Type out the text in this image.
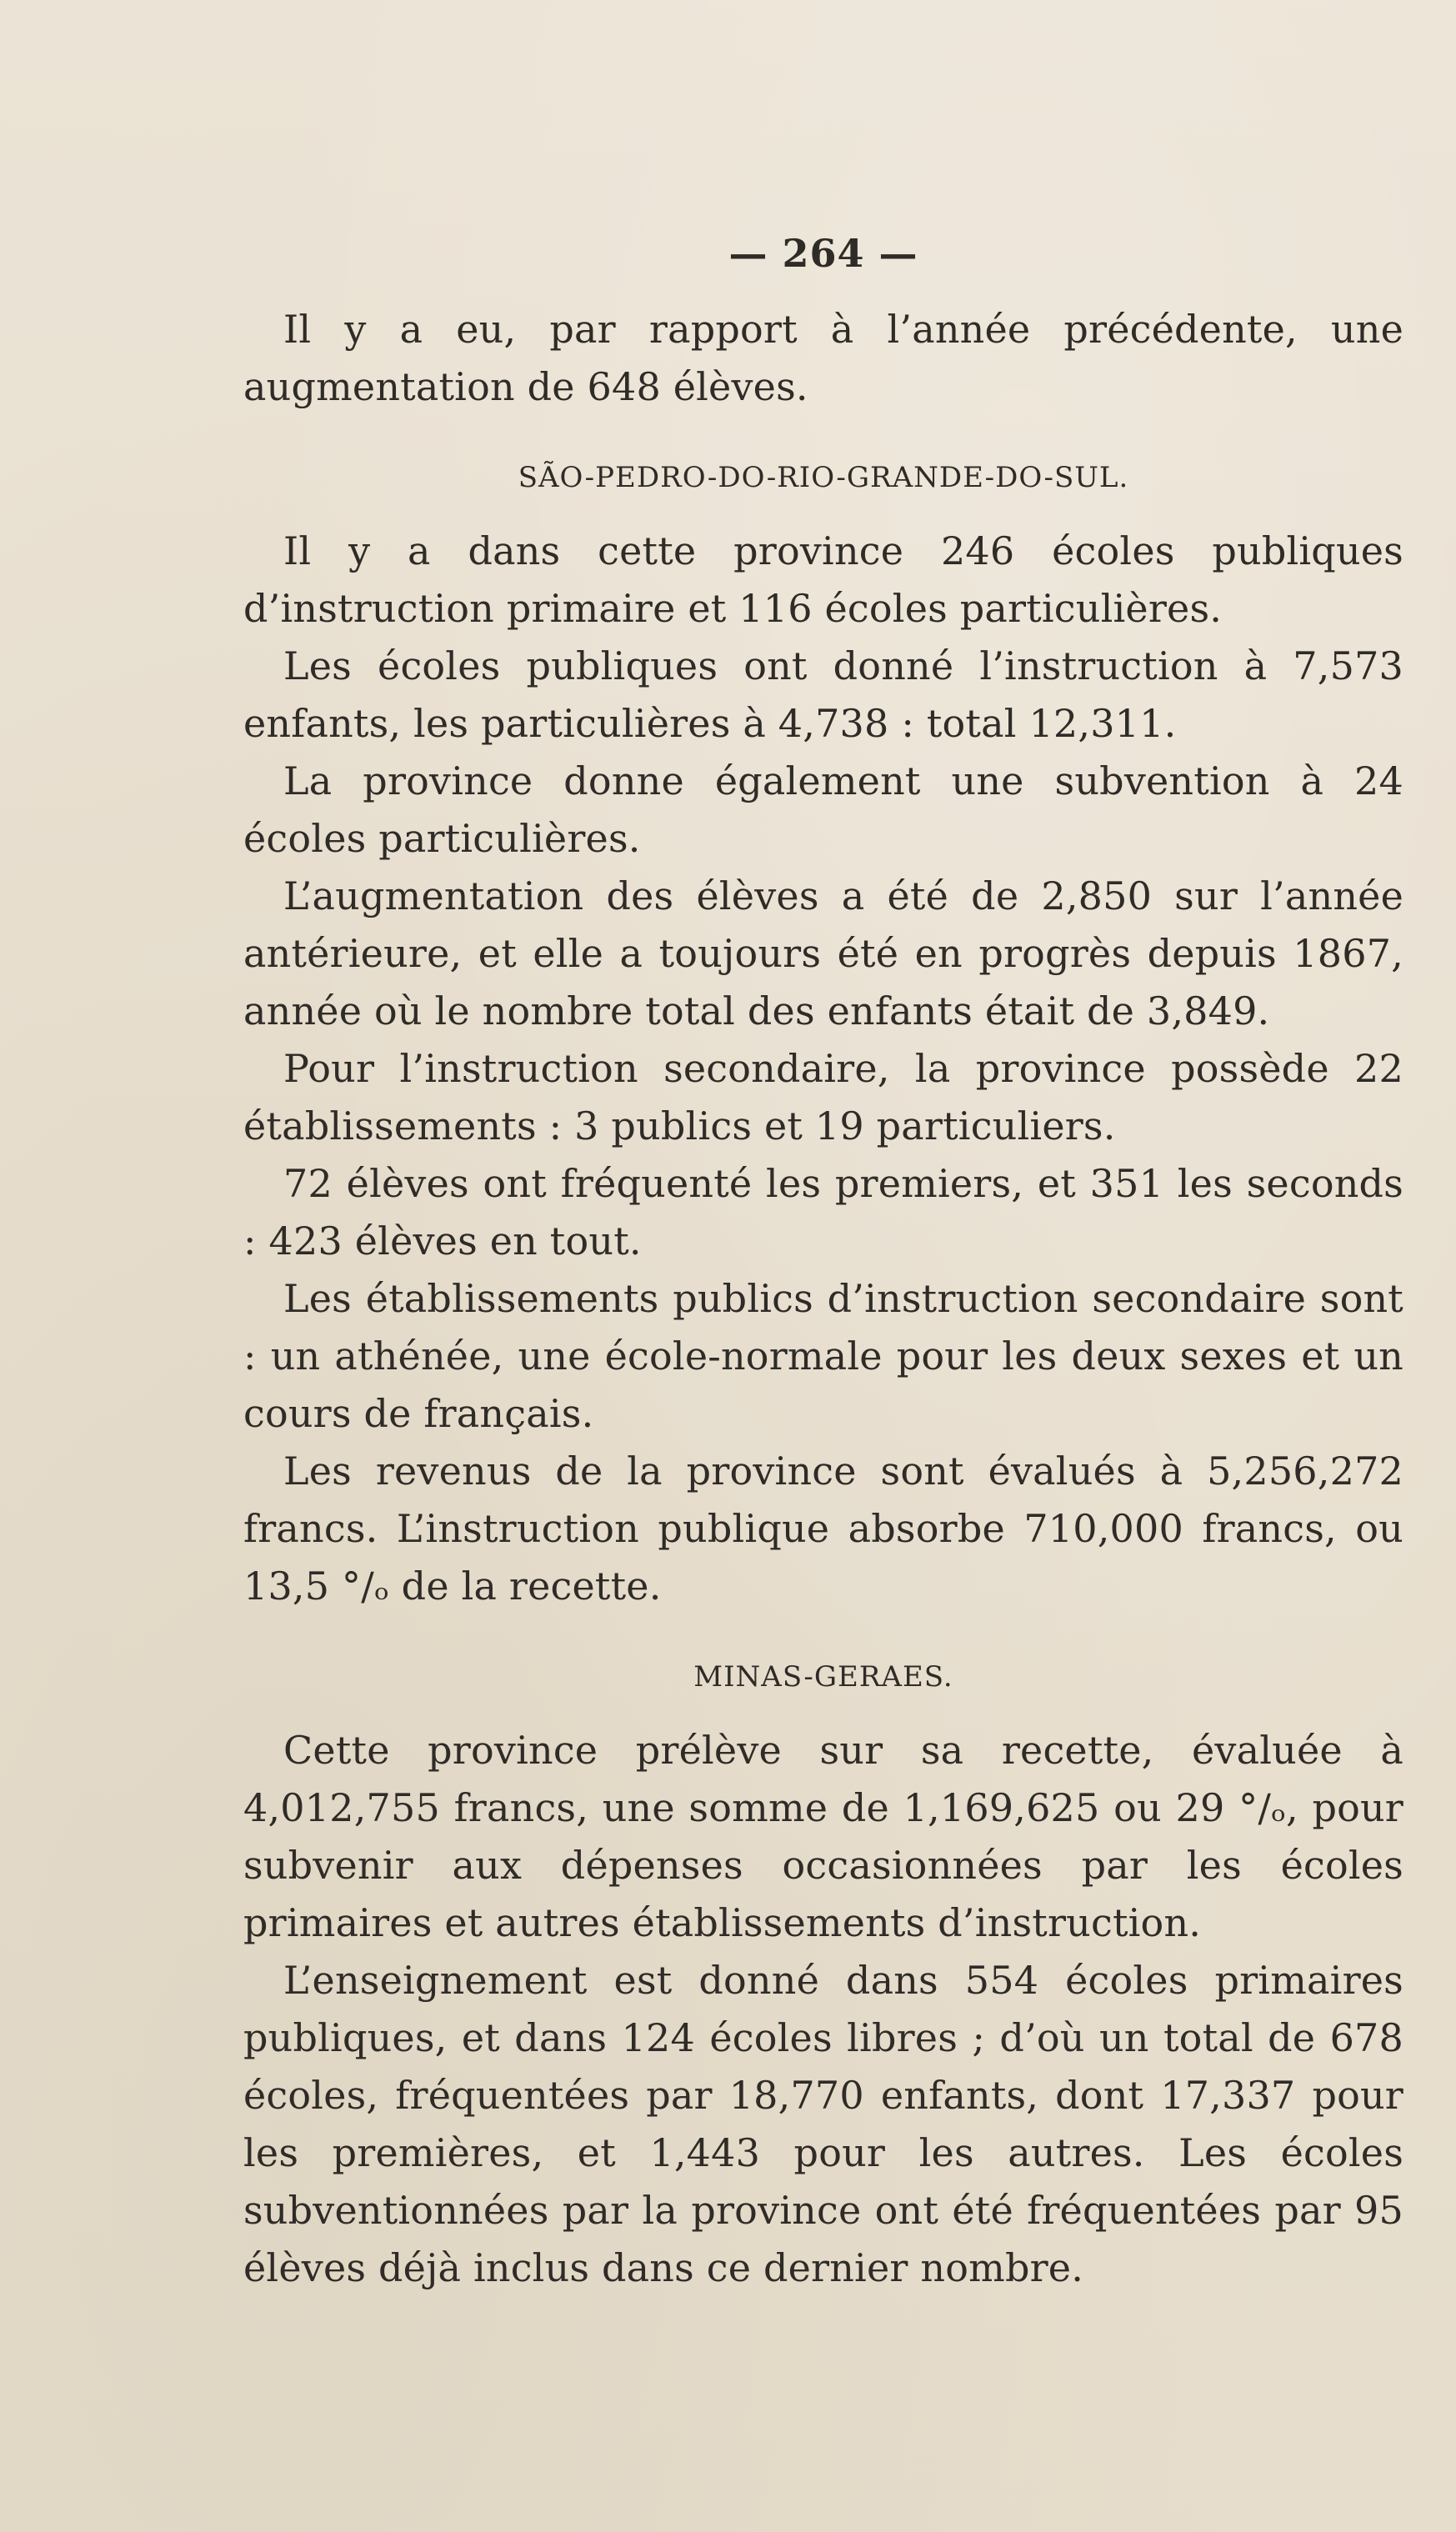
— 264 —

Il y a eu, par rapport à l’année précédente, une augmentation de 648 élèves.

SÃO-PEDRO-DO-RIO-GRANDE-DO-SUL.

Il y a dans cette province 246 écoles publiques d’instruction primaire et 116 écoles particulières.

Les écoles publiques ont donné l’instruction à 7,573 enfants, les particulières à 4,738 : total 12,311.

La province donne également une subvention à 24 écoles particulières.

L’augmentation des élèves a été de 2,850 sur l’année antérieure, et elle a toujours été en progrès depuis 1867, année où le nombre total des enfants était de 3,849.

Pour l’instruction secondaire, la province possède 22 établissements : 3 publics et 19 particuliers.

72 élèves ont fréquenté les premiers, et 351 les seconds : 423 élèves en tout.

Les établissements publics d’instruction secondaire sont : un athénée, une école-normale pour les deux sexes et un cours de français.

Les revenus de la province sont évalués à 5,256,272 francs. L’instruction publique absorbe 710,000 francs, ou 13,5 °/ₒ de la recette.

MINAS-GERAES.

Cette province prélève sur sa recette, évaluée à 4,012,755 francs, une somme de 1,169,625 ou 29 °/ₒ, pour subvenir aux dépenses occasionnées par les écoles primaires et autres établissements d’instruction.

L’enseignement est donné dans 554 écoles primaires publiques, et dans 124 écoles libres ; d’où un total de 678 écoles, fréquentées par 18,770 enfants, dont 17,337 pour les premières, et 1,443 pour les autres. Les écoles subventionnées par la province ont été fréquentées par 95 élèves déjà inclus dans ce dernier nombre.
